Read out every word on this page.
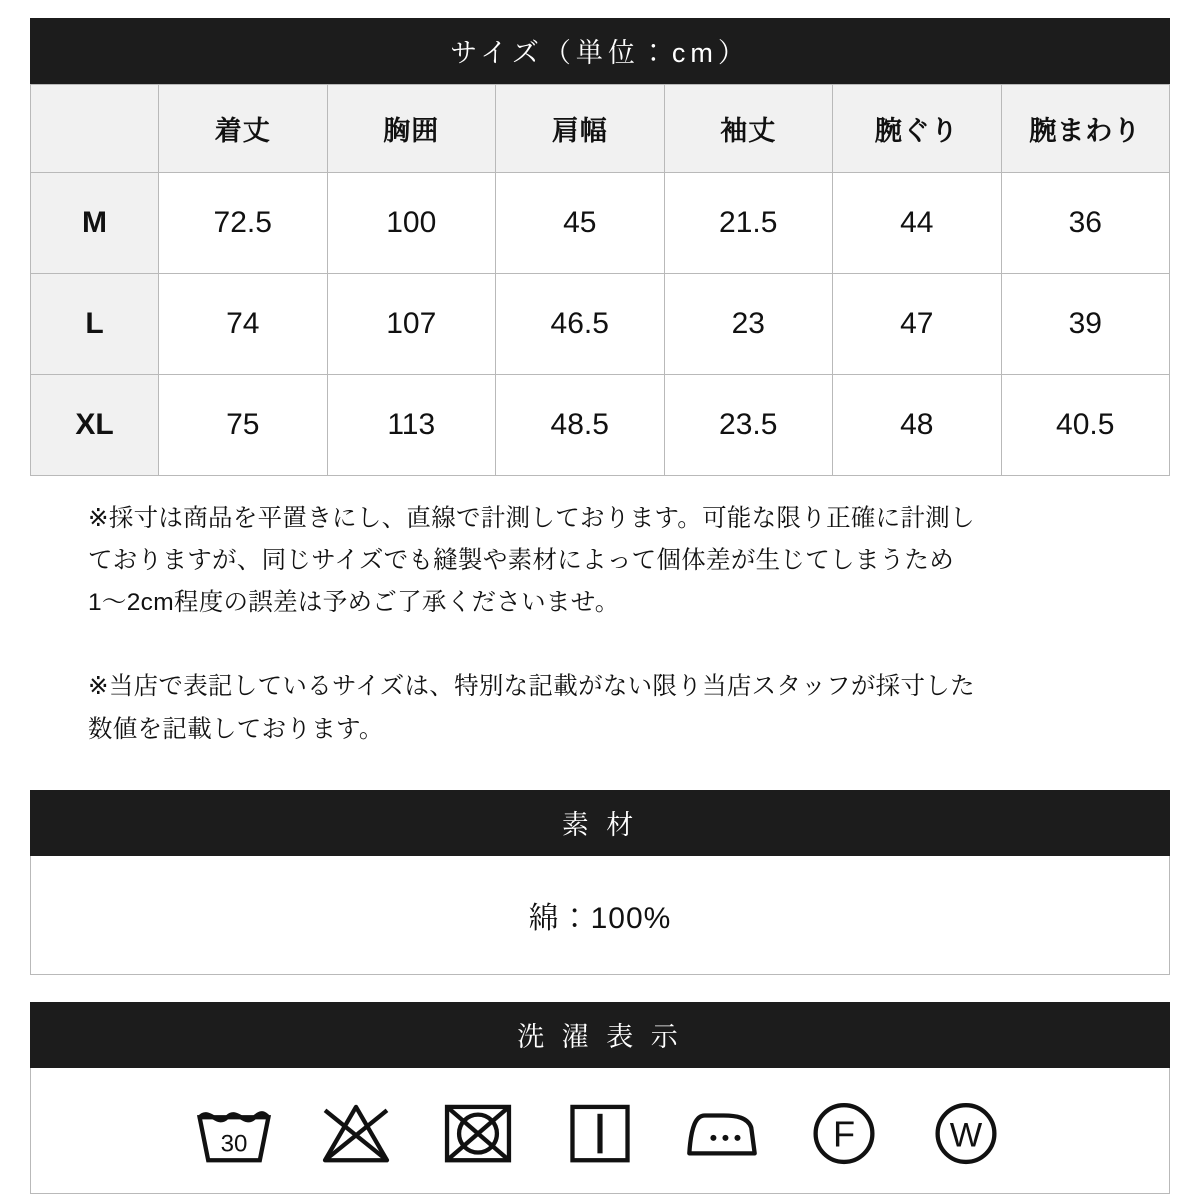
サイズ（単位：cm）
	着丈	胸囲	肩幅	袖丈	腕ぐり	腕まわり
M	72.5	100	45	21.5	44	36
L	74	107	46.5	23	47	39
XL	75	113	48.5	23.5	48	40.5
※採寸は商品を平置きにし、直線で計測しております。可能な限り正確に計測し
ておりますが、同じサイズでも縫製や素材によって個体差が生じてしまうため
1〜2cm程度の誤差は予めご了承くださいませ。
※当店で表記しているサイズは、特別な記載がない限り当店スタッフが採寸した
数値を記載しております。
素 材
綿：100%
洗 濯 表 示
30	F W
